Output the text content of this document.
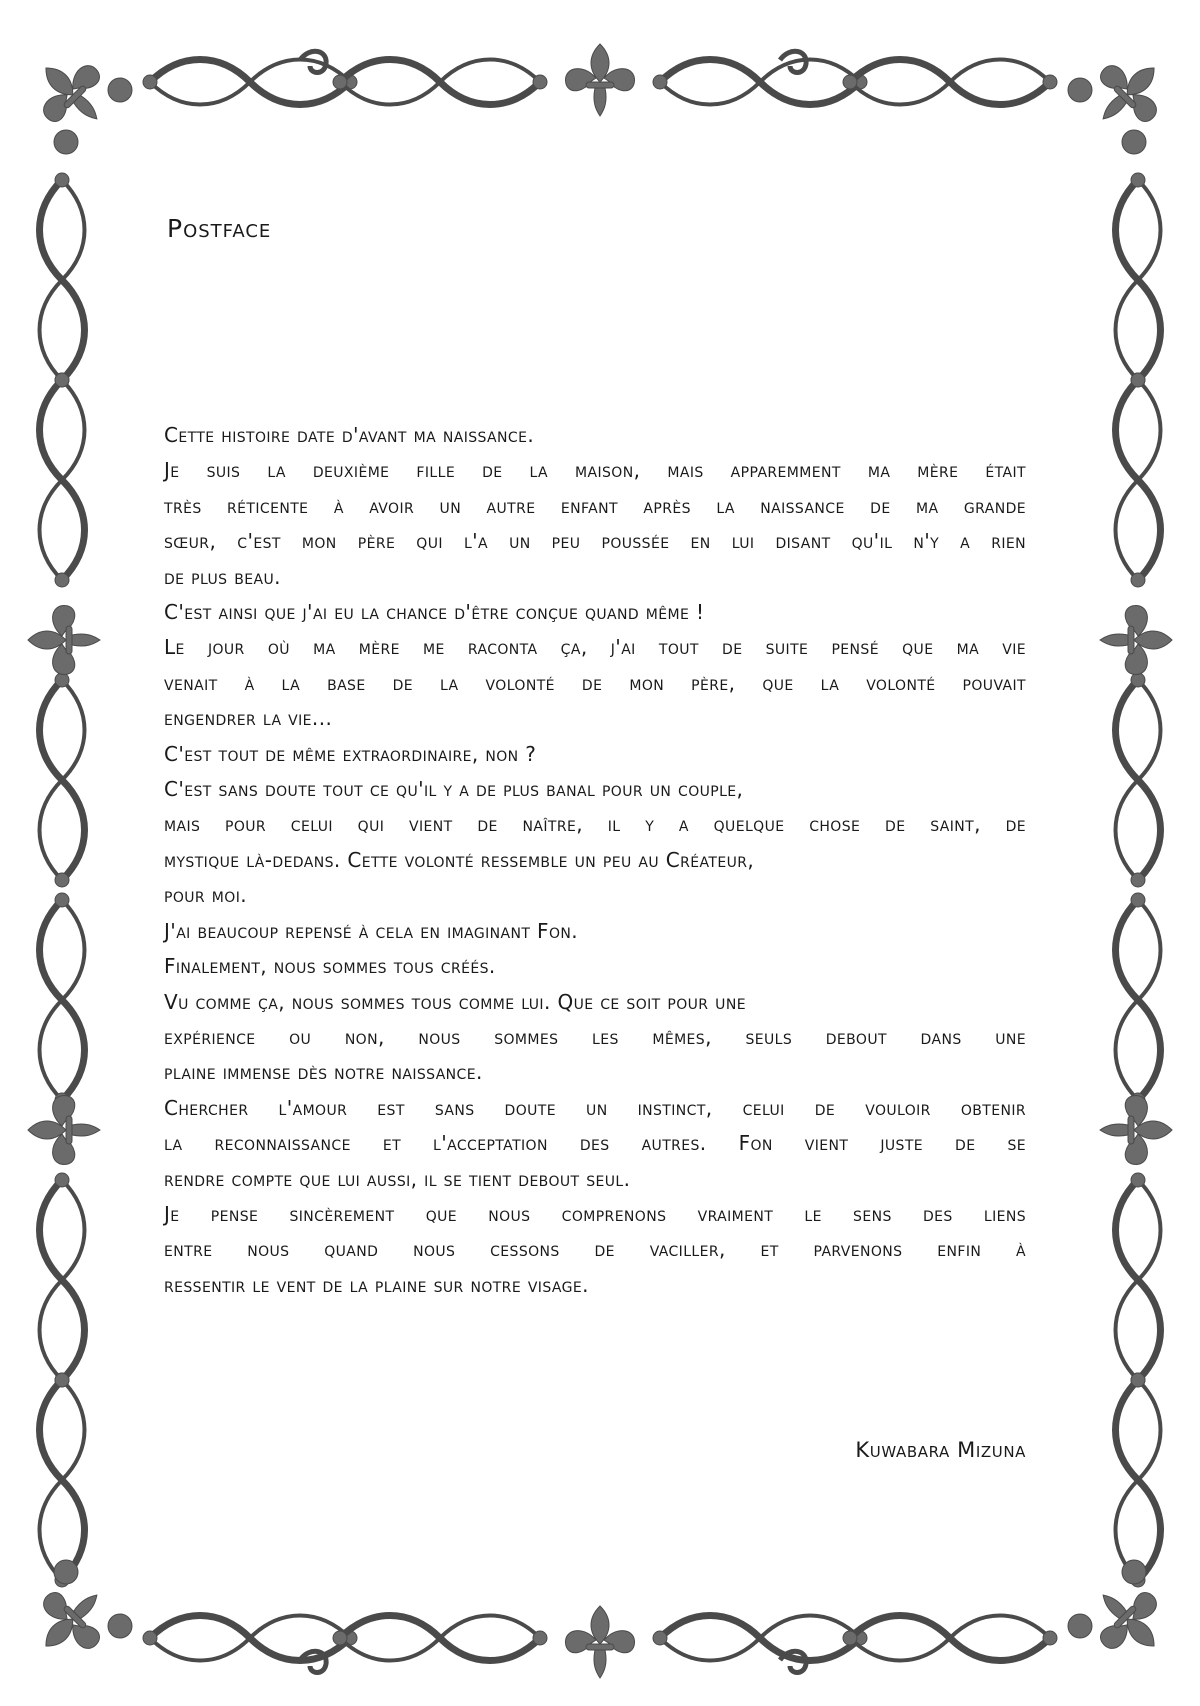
Postface

Cette histoire date d'avant ma naissance.

Je suis la deuxième fille de la maison, mais apparemment ma mère était

très réticente à avoir un autre enfant après la naissance de ma grande

sœur, c'est mon père qui l'a un peu poussée en lui disant qu'il n'y a rien

de plus beau.

C'est ainsi que j'ai eu la chance d'être conçue quand même !

Le jour où ma mère me raconta ça, j'ai tout de suite pensé que ma vie

venait à la base de la volonté de mon père, que la volonté pouvait

engendrer la vie...

C'est tout de même extraordinaire, non ?

C'est sans doute tout ce qu'il y a de plus banal pour un couple,

mais pour celui qui vient de naître, il y a quelque chose de saint, de

mystique là-dedans. Cette volonté ressemble un peu au Créateur,

pour moi.

J'ai beaucoup repensé à cela en imaginant Fon.

Finalement, nous sommes tous créés.

Vu comme ça, nous sommes tous comme lui. Que ce soit pour une

expérience ou non, nous sommes les mêmes, seuls debout dans une

plaine immense dès notre naissance.

Chercher l'amour est sans doute un instinct, celui de vouloir obtenir

la reconnaissance et l'acceptation des autres. Fon vient juste de se

rendre compte que lui aussi, il se tient debout seul.

Je pense sincèrement que nous comprenons vraiment le sens des liens

entre nous quand nous cessons de vaciller, et parvenons enfin à

ressentir le vent de la plaine sur notre visage.

Kuwabara Mizuna
